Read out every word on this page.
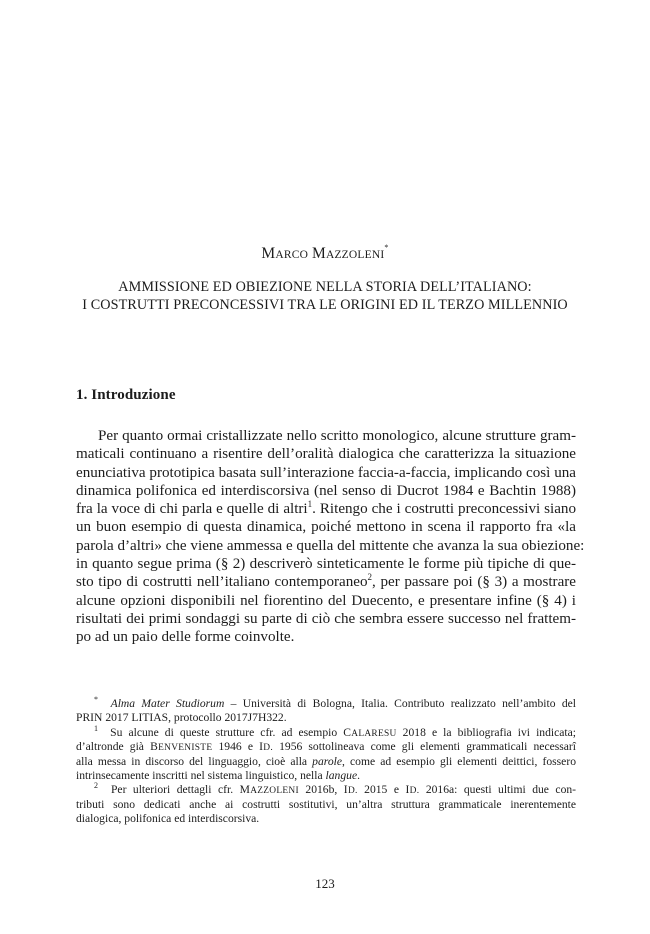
MARCO MAZZOLENI*
AMMISSIONE ED OBIEZIONE NELLA STORIA DELL’ITALIANO:
I COSTRUTTI PRECONCESSIVI TRA LE ORIGINI ED IL TERZO MILLENNIO
1. Introduzione
Per quanto ormai cristallizzate nello scritto monologico, alcune strutture gram-
maticali continuano a risentire dell’oralità dialogica che caratterizza la situazione
enunciativa prototipica basata sull’interazione faccia-a-faccia, implicando così una
dinamica polifonica ed interdiscorsiva (nel senso di Ducrot 1984 e Bachtin 1988)
fra la voce di chi parla e quelle di altri$^1$. Ritengo che i costrutti preconcessivi siano
un buon esempio di questa dinamica, poiché mettono in scena il rapporto fra «la
parola d’altri» che viene ammessa e quella del mittente che avanza la sua obiezione:
in quanto segue prima (§ 2) descriverò sinteticamente le forme più tipiche di que-
sto tipo di costrutti nell’italiano contemporaneo$^2$, per passare poi (§ 3) a mostrare
alcune opzioni disponibili nel fiorentino del Duecento, e presentare infine (§ 4) i
risultati dei primi sondaggi su parte di ciò che sembra essere successo nel frattem-
po ad un paio delle forme coinvolte.
* Alma Mater Studiorum – Università di Bologna, Italia. Contributo realizzato nell’ambito del
PRIN 2017 LITIAS, protocollo 2017J7H322.
$^1$ Su alcune di queste strutture cfr. ad esempio CALARESU 2018 e la bibliografia ivi indicata;
d’altronde già BENVENISTE 1946 e ID. 1956 sottolineava come gli elementi grammaticali necessarî
alla messa in discorso del linguaggio, cioè alla parole, come ad esempio gli elementi deittici, fossero
intrinsecamente inscritti nel sistema linguistico, nella langue.
$^2$ Per ulteriori dettagli cfr. MAZZOLENI 2016b, ID. 2015 e ID. 2016a: questi ultimi due con-
tributi sono dedicati anche ai costrutti sostitutivi, un’altra struttura grammaticale inerentemente
dialogica, polifonica ed interdiscorsiva.
123
